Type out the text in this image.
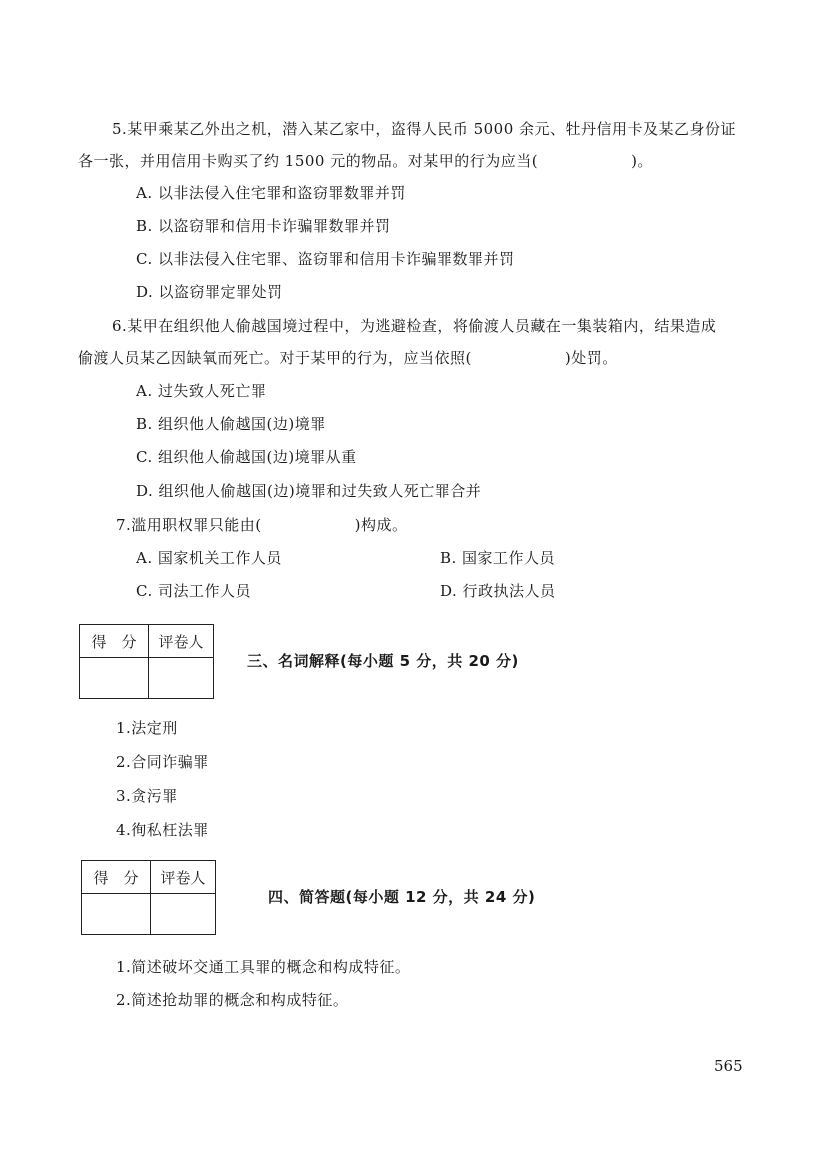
5.某甲乘某乙外出之机，潜入某乙家中，盗得人民币 5000 余元、牡丹信用卡及某乙身份证
各一张，并用信用卡购买了约 1500 元的物品。对某甲的行为应当(　　　　　　)。
A. 以非法侵入住宅罪和盗窃罪数罪并罚
B. 以盗窃罪和信用卡诈骗罪数罪并罚
C. 以非法侵入住宅罪、盗窃罪和信用卡诈骗罪数罪并罚
D. 以盗窃罪定罪处罚
6.某甲在组织他人偷越国境过程中，为逃避检查，将偷渡人员藏在一集装箱内，结果造成
偷渡人员某乙因缺氧而死亡。对于某甲的行为，应当依照(　　　　　　)处罚。
A. 过失致人死亡罪
B. 组织他人偷越国(边)境罪
C. 组织他人偷越国(边)境罪从重
D. 组织他人偷越国(边)境罪和过失致人死亡罪合并
7.滥用职权罪只能由(　　　　　　)构成。
A. 国家机关工作人员	B. 国家工作人员
C. 司法工作人员	D. 行政执法人员
得　分	评卷人

三、名词解释(每小题 5 分，共 20 分)
1.法定刑
2.合同诈骗罪
3.贪污罪
4.徇私枉法罪
得　分	评卷人

四、简答题(每小题 12 分，共 24 分)
1.简述破坏交通工具罪的概念和构成特征。
2.简述抢劫罪的概念和构成特征。
565
